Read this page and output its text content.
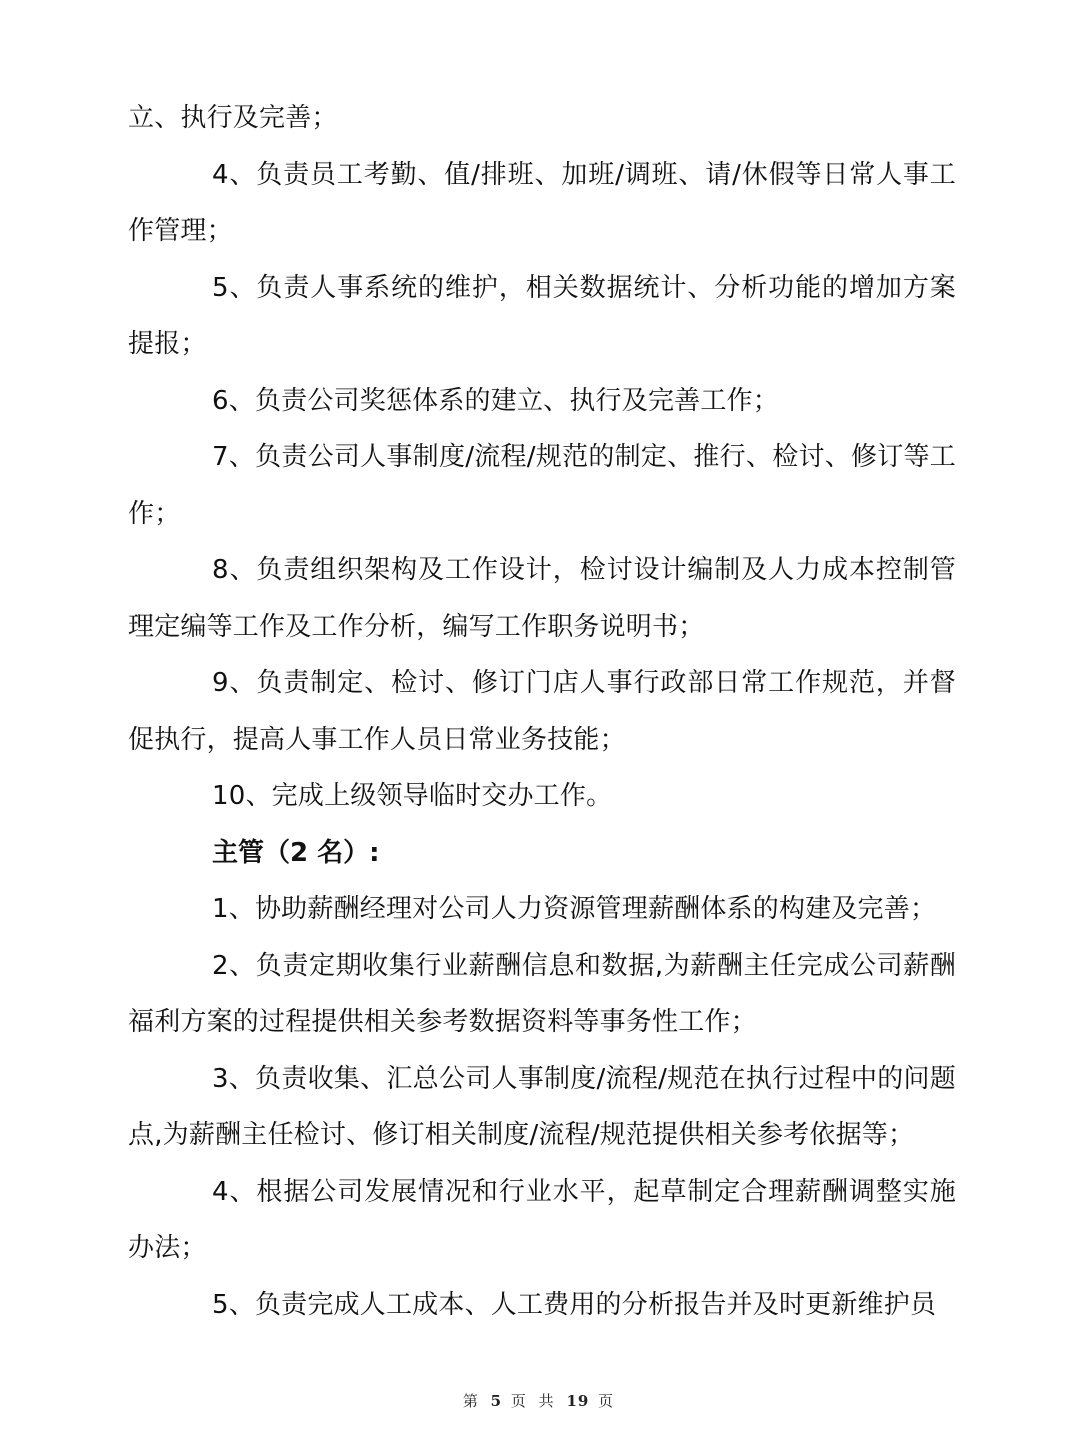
立、执行及完善；

4、负责员工考勤、值/排班、加班/调班、请/休假等日常人事工作管理；

5、负责人事系统的维护，相关数据统计、分析功能的增加方案提报；

6、负责公司奖惩体系的建立、执行及完善工作；

7、负责公司人事制度/流程/规范的制定、推行、检讨、修订等工作；

8、负责组织架构及工作设计，检讨设计编制及人力成本控制管理定编等工作及工作分析，编写工作职务说明书；

9、负责制定、检讨、修订门店人事行政部日常工作规范，并督促执行，提高人事工作人员日常业务技能；

10、完成上级领导临时交办工作。

主管（2 名）:

1、协助薪酬经理对公司人力资源管理薪酬体系的构建及完善；

2、负责定期收集行业薪酬信息和数据,为薪酬主任完成公司薪酬福利方案的过程提供相关参考数据资料等事务性工作；

3、负责收集、汇总公司人事制度/流程/规范在执行过程中的问题点,为薪酬主任检讨、修订相关制度/流程/规范提供相关参考依据等；

4、根据公司发展情况和行业水平，起草制定合理薪酬调整实施办法；

5、负责完成人工成本、人工费用的分析报告并及时更新维护员

第 5 页 共 19 页
